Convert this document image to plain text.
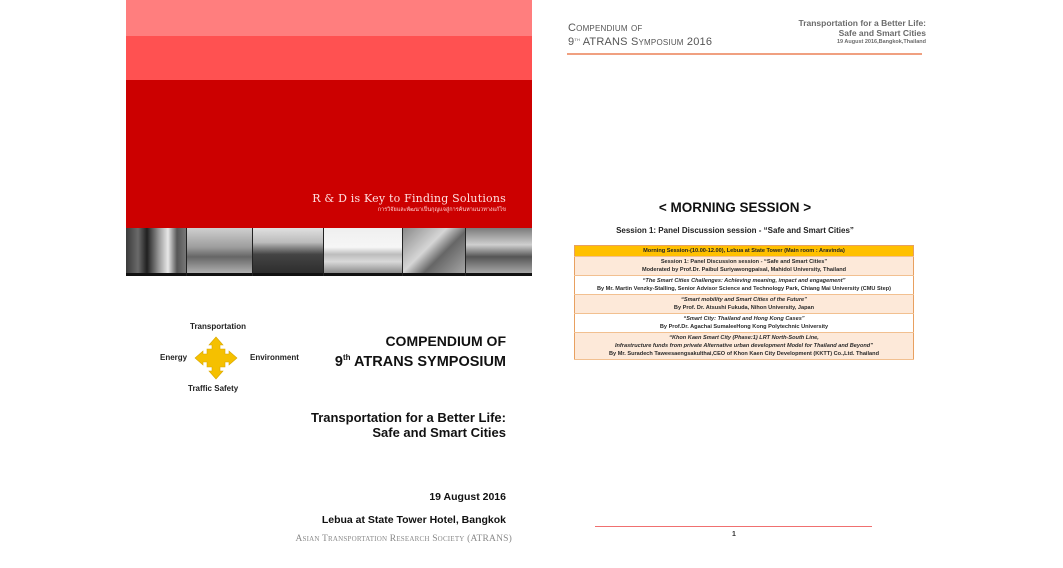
R & D is Key to Finding Solutions
การวิจัยและพัฒนาเป็นกุญแจสู่การค้นหาแนวทางแก้ไข
Transportation
Energy	Environment
Traffic Safety
COMPENDIUM OF
9th ATRANS SYMPOSIUM
Transportation for a Better Life:
Safe and Smart Cities
19 August 2016
Lebua at State Tower Hotel, Bangkok
Asian Transportation Research Society (ATRANS)
Compendium of
9th ATRANS Symposium 2016
Transportation for a Better Life:
Safe and Smart Cities
19 August 2016,Bangkok,Thailand
< MORNING SESSION >
Session 1: Panel Discussion session - “Safe and Smart Cities”
Morning Session-(10.00-12.00), Lebua at State Tower (Main room : Aravinda)

Session 1: Panel Discussion session - “Safe and Smart Cities”
Moderated by Prof.Dr. Paibul Suriyawongpaisal, Mahidol University, Thailand

“The Smart Cities Challenges: Achieving meaning, impact and engagement”
By Mr. Martin Venzky-Stalling, Senior Advisor Science and Technology Park, Chiang Mai University (CMU Step)

“Smart mobility and Smart Cities of the Future”
By Prof. Dr. Atsushi Fukuda, Nihon University, Japan

“Smart City: Thailand and Hong Kong Cases”
By Prof.Dr. Agachai SumaleeHong Kong Polytechnic University

“Khon Kaen Smart City (Phase:1) LRT North-South Line,
Infrastructure funds from private Alternative urban development Model for Thailand and Beyond”
By Mr. Suradech Taweesaengsakulthai,CEO of Khon Kaen City Development (KKTT) Co.,Ltd. Thailand
1
